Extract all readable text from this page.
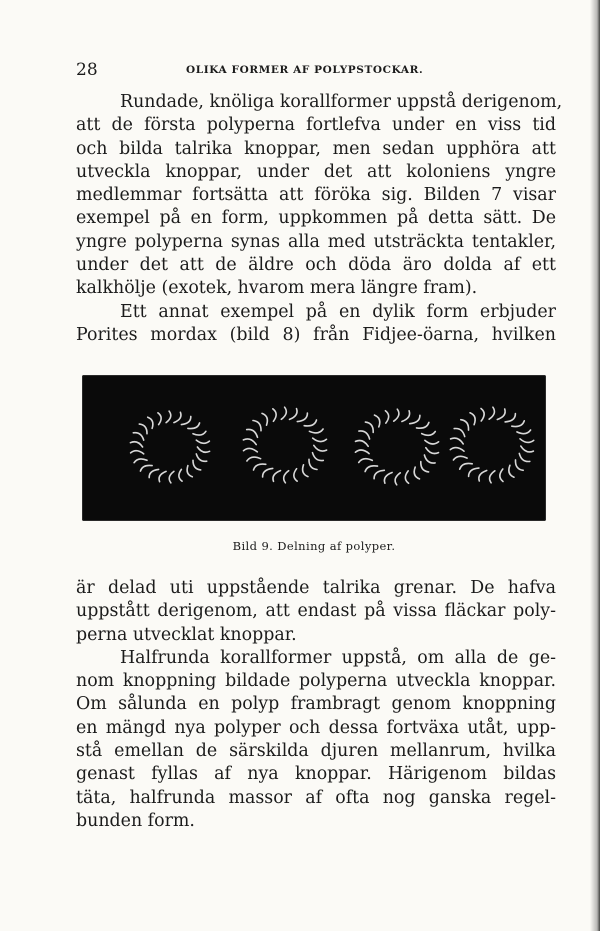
28	OLIKA FORMER AF POLYPSTOCKAR.
Rundade, knöliga korallformer uppstå derigenom,
att de första polyperna fortlefva under en viss tid
och bilda talrika knoppar, men sedan upphöra att
utveckla knoppar, under det att koloniens yngre
medlemmar fortsätta att föröka sig. Bilden 7 visar
exempel på en form, uppkommen på detta sätt. De
yngre polyperna synas alla med utsträckta tentakler,
under det att de äldre och döda äro dolda af ett
kalkhölje (exotek, hvarom mera längre fram).
Ett annat exempel på en dylik form erbjuder
Porites mordax (bild 8) från Fidjee-öarna, hvilken
Bild 9. Delning af polyper.
är delad uti uppstående talrika grenar. De hafva
uppstått derigenom, att endast på vissa fläckar poly-
perna utvecklat knoppar.
Halfrunda korallformer uppstå, om alla de ge-
nom knoppning bildade polyperna utveckla knoppar.
Om sålunda en polyp frambragt genom knoppning
en mängd nya polyper och dessa fortväxa utåt, upp-
stå emellan de särskilda djuren mellanrum, hvilka
genast fyllas af nya knoppar. Härigenom bildas
täta, halfrunda massor af ofta nog ganska regel-
bunden form.
